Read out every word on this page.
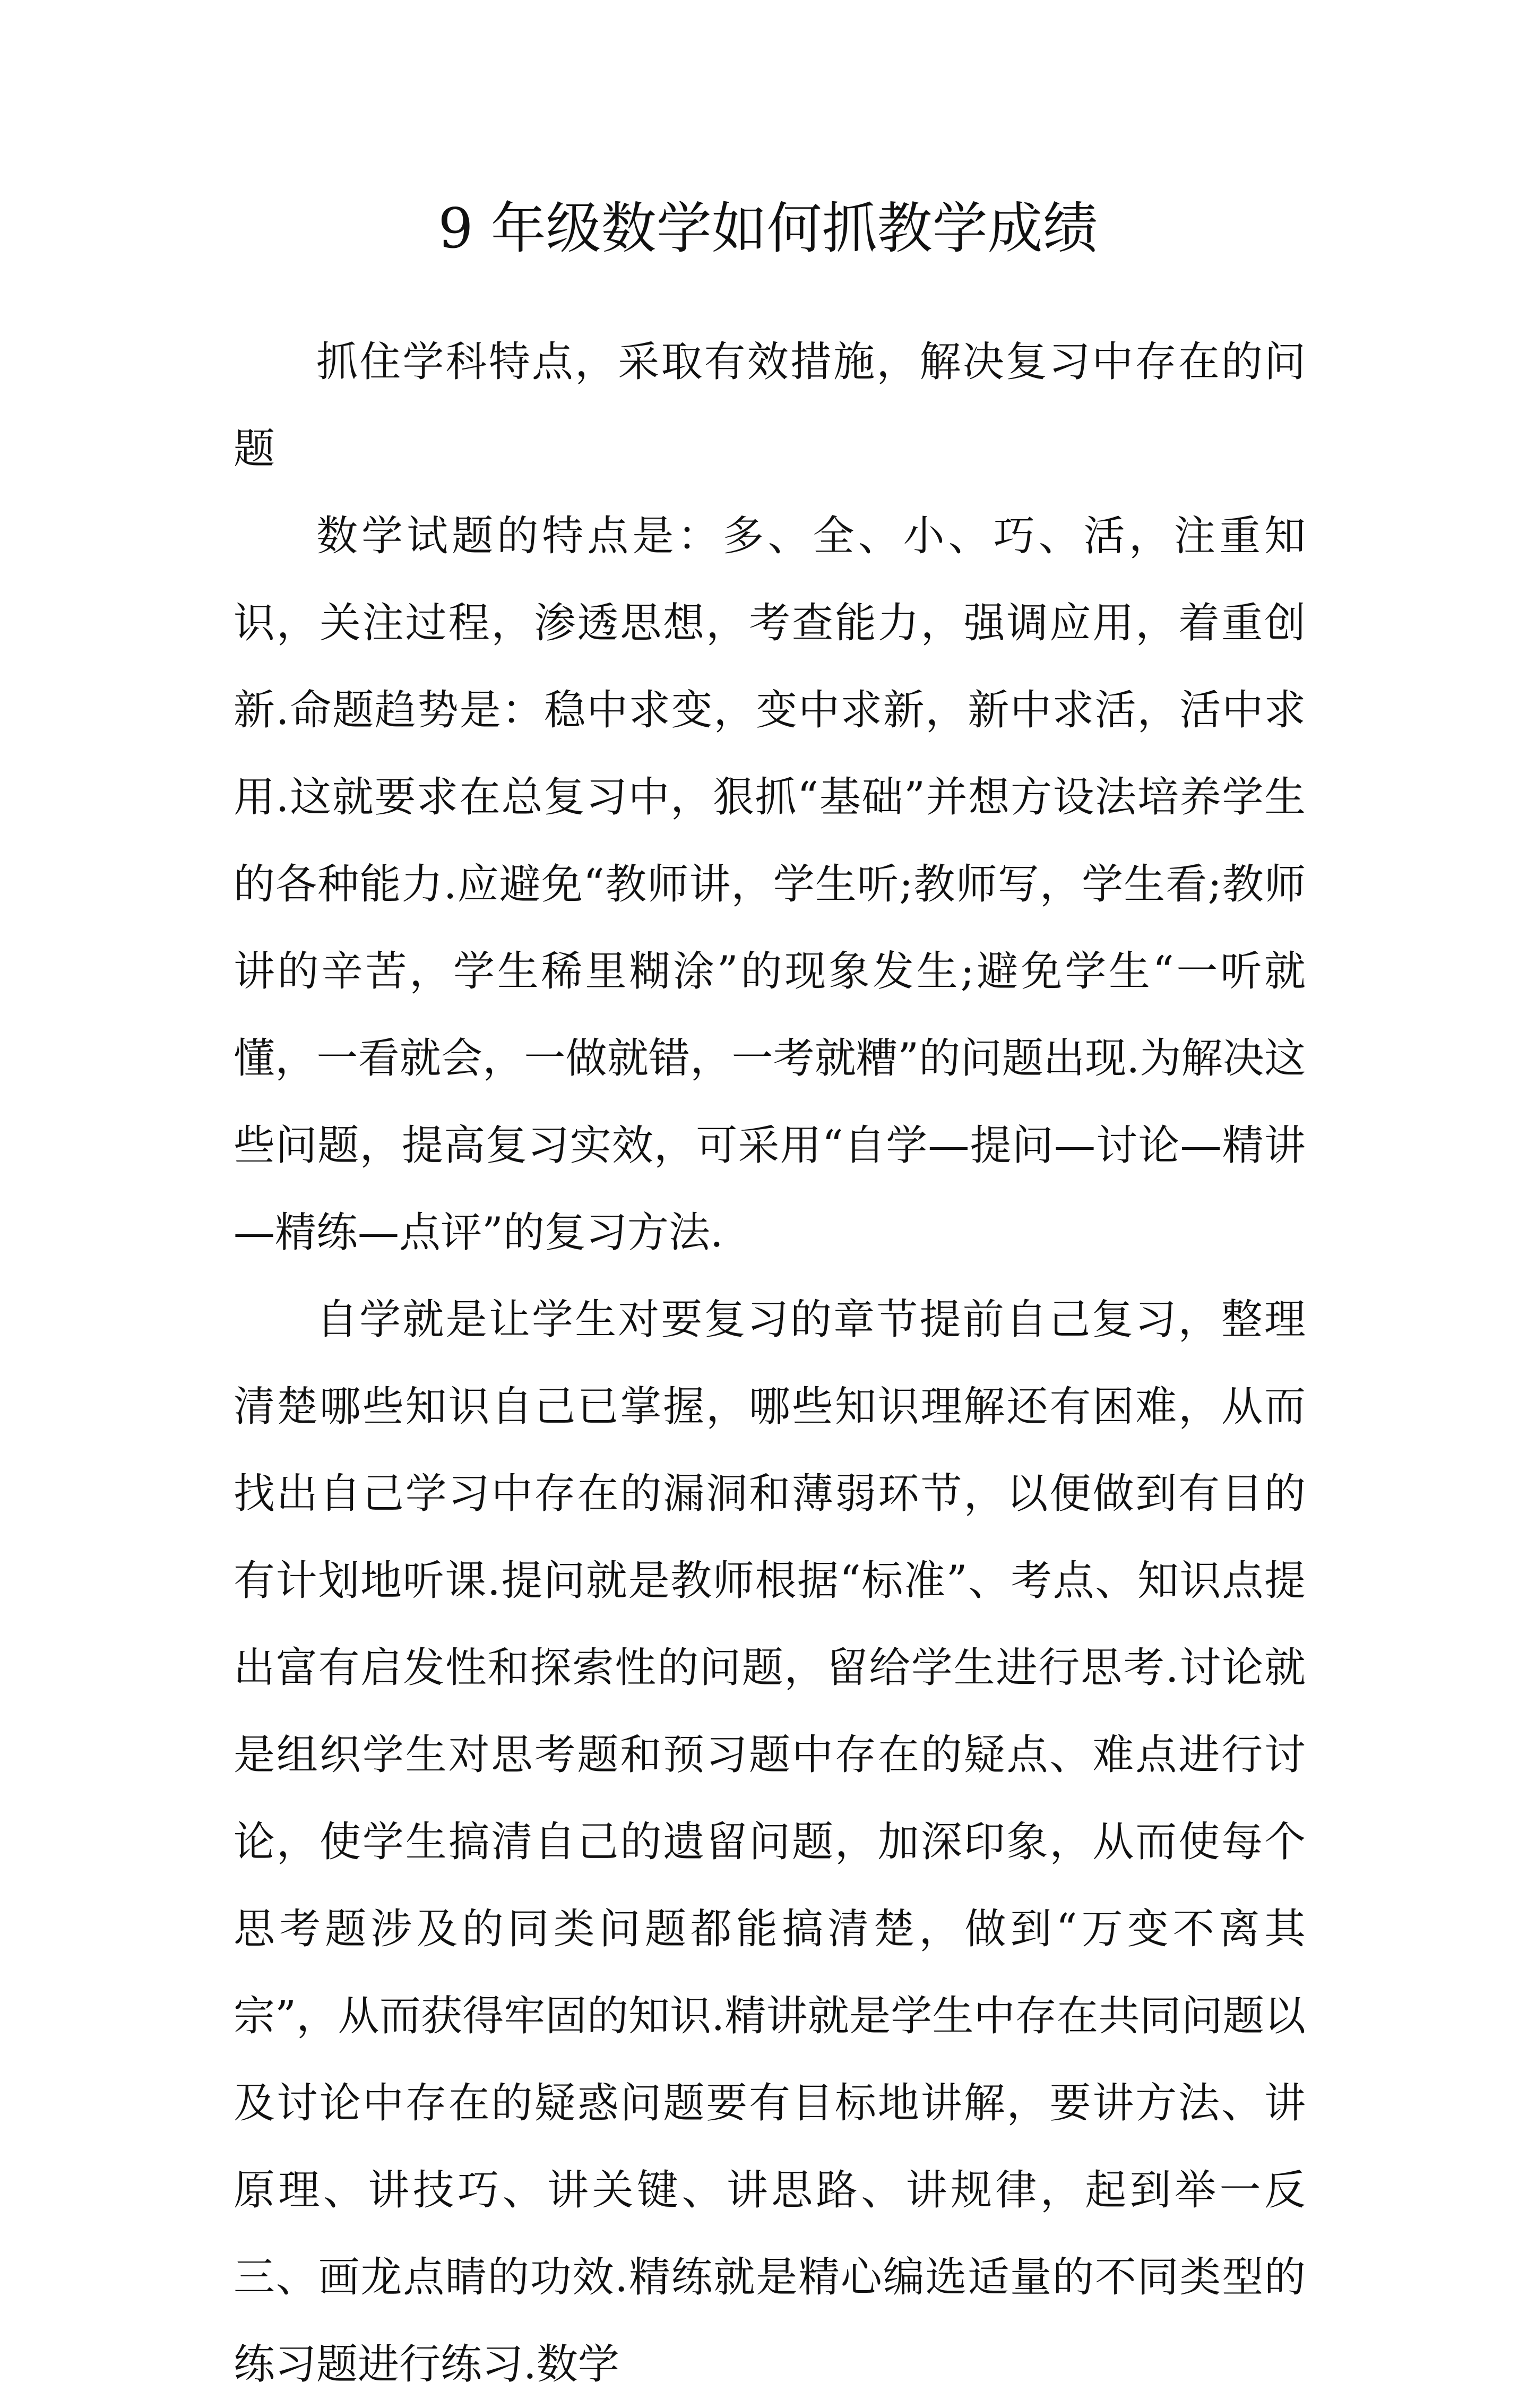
9 年级数学如何抓教学成绩

抓住学科特点，采取有效措施，解决复习中存在的问题

数学试题的特点是：多、全、小、巧、活，注重知识，关注过程，渗透思想，考查能力，强调应用，着重创新.命题趋势是：稳中求变，变中求新，新中求活，活中求用.这就要求在总复习中，狠抓“基础”并想方设法培养学生的各种能力.应避免“教师讲，学生听;教师写，学生看;教师讲的辛苦，学生稀里糊涂”的现象发生;避免学生“一听就懂，一看就会，一做就错，一考就糟”的问题出现.为解决这些问题，提高复习实效，可采用“自学—提问—讨论—精讲—精练—点评”的复习方法.

自学就是让学生对要复习的章节提前自己复习，整理清楚哪些知识自己已掌握，哪些知识理解还有困难，从而找出自己学习中存在的漏洞和薄弱环节，以便做到有目的有计划地听课.提问就是教师根据“标准”、考点、知识点提出富有启发性和探索性的问题，留给学生进行思考.讨论就是组织学生对思考题和预习题中存在的疑点、难点进行讨论，使学生搞清自己的遗留问题，加深印象，从而使每个思考题涉及的同类问题都能搞清楚，做到“万变不离其宗”，从而获得牢固的知识.精讲就是学生中存在共同问题以及讨论中存在的疑惑问题要有目标地讲解，要讲方法、讲原理、讲技巧、讲关键、讲思路、讲规律，起到举一反三、画龙点睛的功效.精练就是精心编选适量的不同类型的练习题进行练习.数学
